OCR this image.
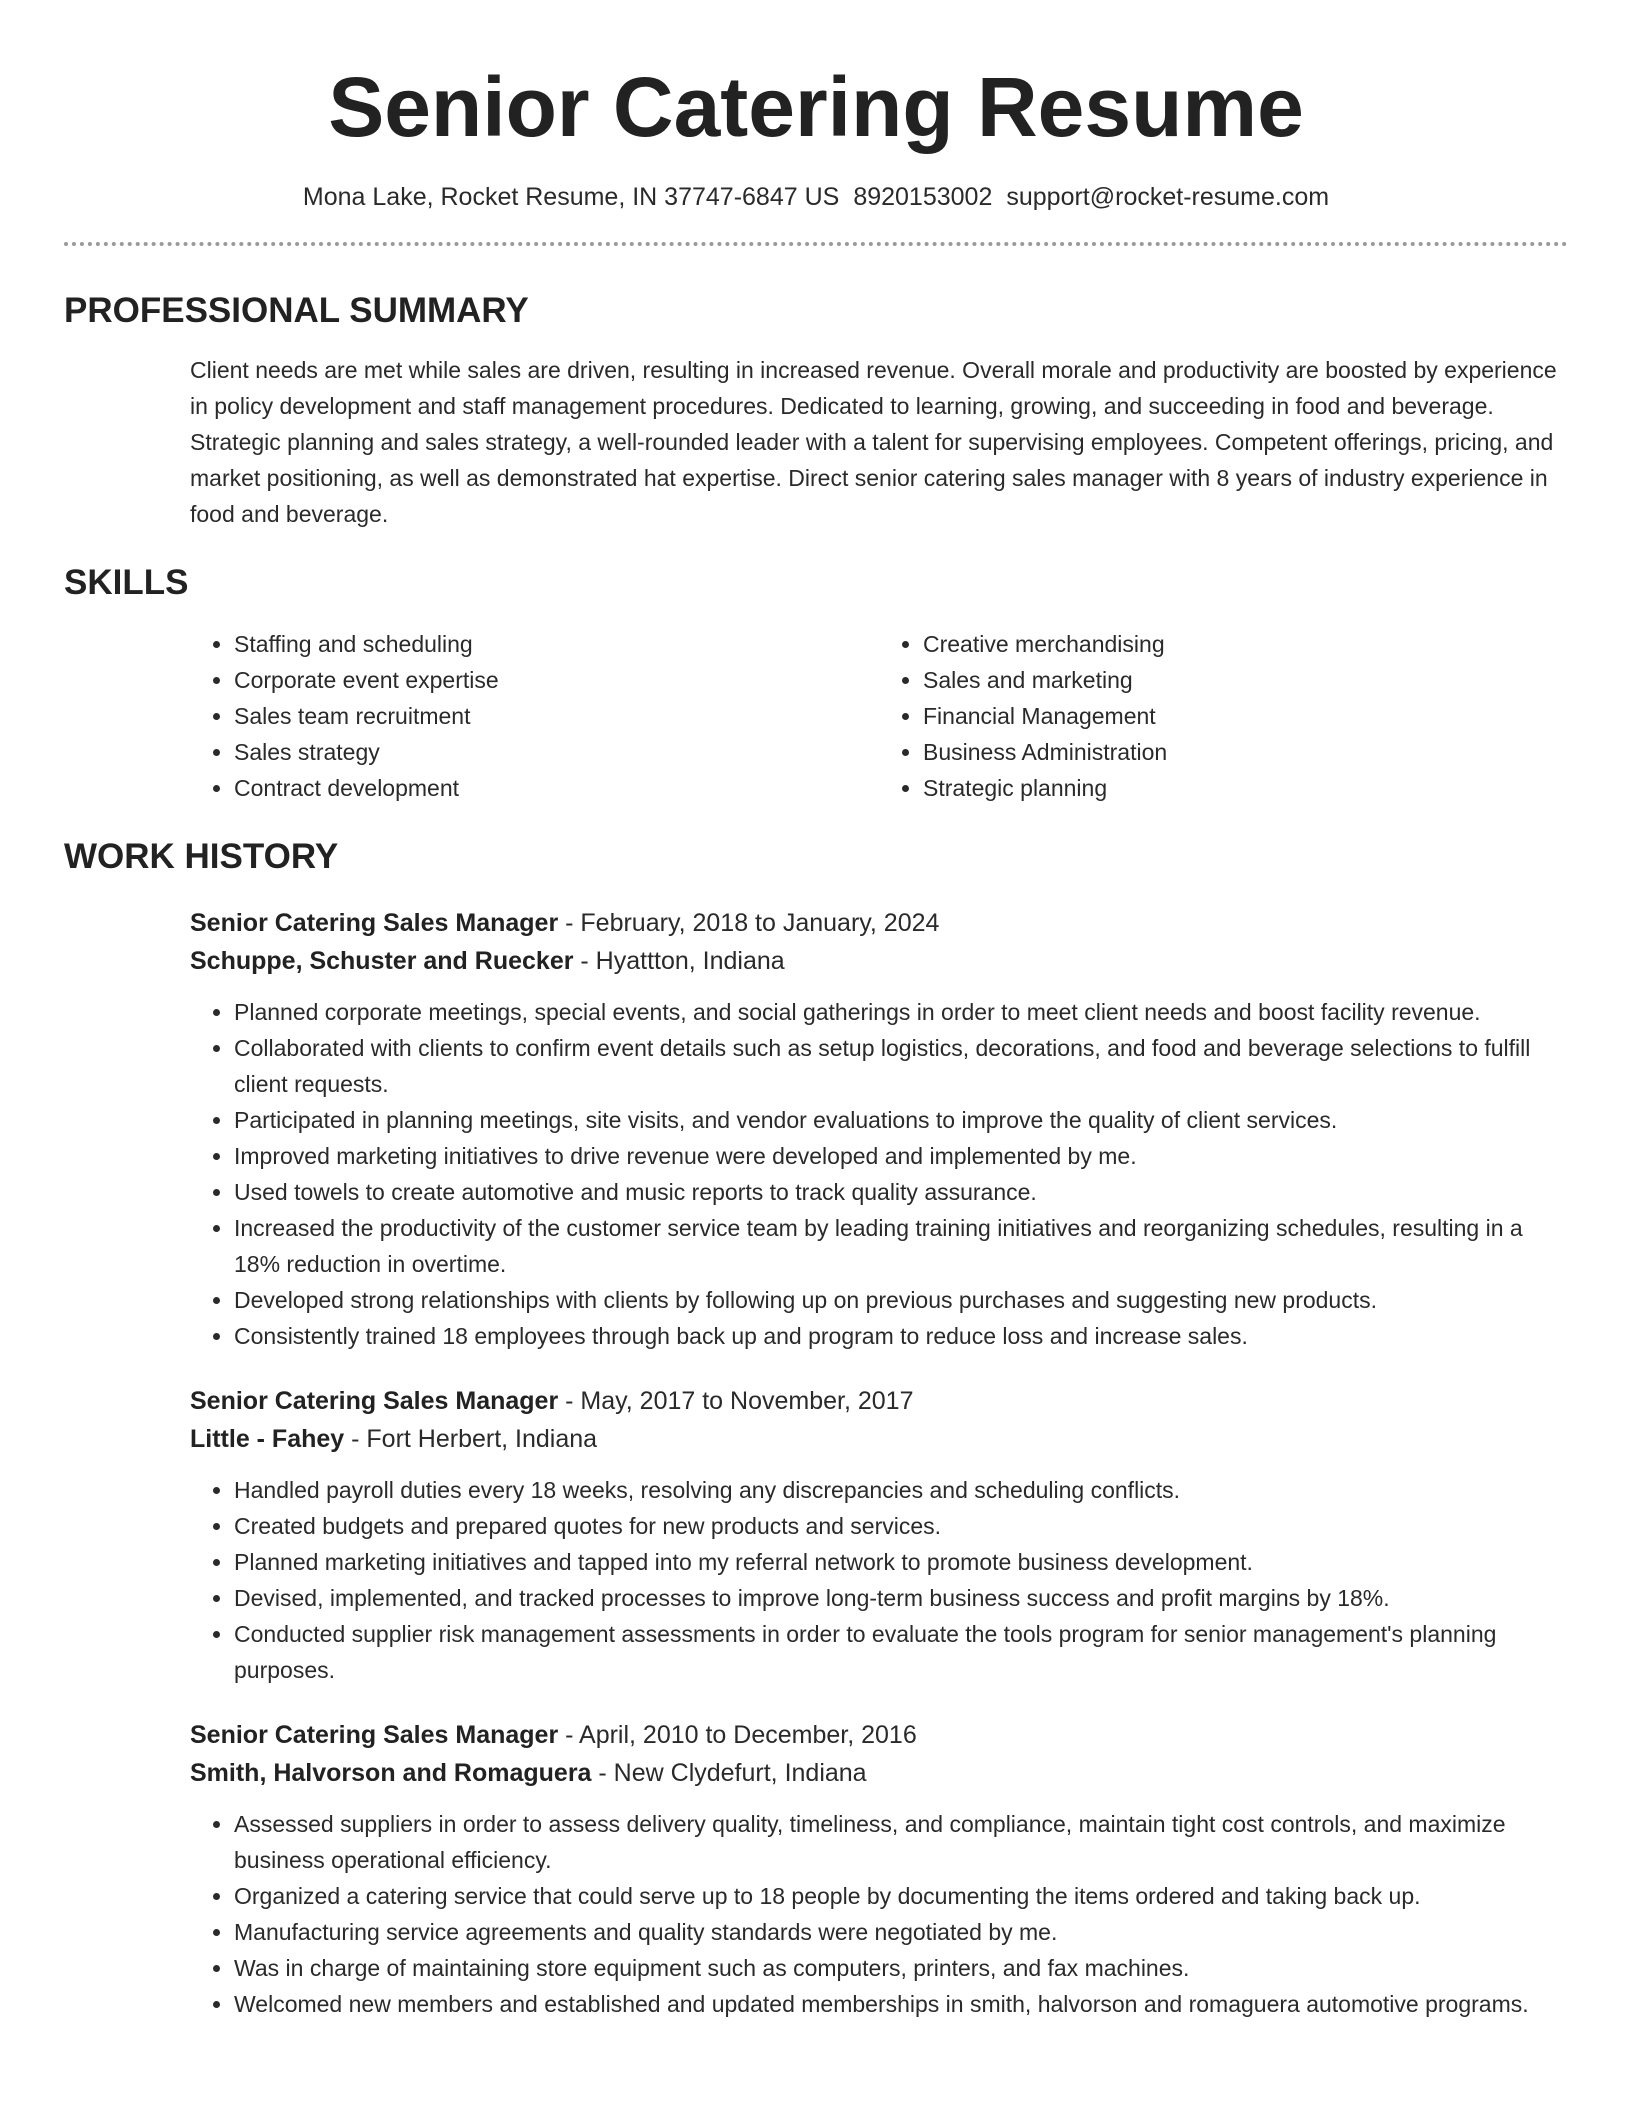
Senior Catering Resume
Mona Lake, Rocket Resume, IN 37747-6847 US 8920153002 support@rocket-resume.com
PROFESSIONAL SUMMARY

Client needs are met while sales are driven, resulting in increased revenue. Overall morale and productivity are boosted by experience in policy development and staff management procedures. Dedicated to learning, growing, and succeeding in food and beverage. Strategic planning and sales strategy, a well-rounded leader with a talent for supervising employees. Competent offerings, pricing, and market positioning, as well as demonstrated hat expertise. Direct senior catering sales manager with 8 years of industry experience in food and beverage.

SKILLS
• Staffing and scheduling
• Corporate event expertise
• Sales team recruitment
• Sales strategy
• Contract development
• Creative merchandising
• Sales and marketing
• Financial Management
• Business Administration
• Strategic planning
WORK HISTORY
Senior Catering Sales Manager - February, 2018 to January, 2024
Schuppe, Schuster and Ruecker - Hyattton, Indiana
• Planned corporate meetings, special events, and social gatherings in order to meet client needs and boost facility revenue.
• Collaborated with clients to confirm event details such as setup logistics, decorations, and food and beverage selections to fulfill client requests.
• Participated in planning meetings, site visits, and vendor evaluations to improve the quality of client services.
• Improved marketing initiatives to drive revenue were developed and implemented by me.
• Used towels to create automotive and music reports to track quality assurance.
• Increased the productivity of the customer service team by leading training initiatives and reorganizing schedules, resulting in a 18% reduction in overtime.
• Developed strong relationships with clients by following up on previous purchases and suggesting new products.
• Consistently trained 18 employees through back up and program to reduce loss and increase sales.
Senior Catering Sales Manager - May, 2017 to November, 2017
Little - Fahey - Fort Herbert, Indiana
• Handled payroll duties every 18 weeks, resolving any discrepancies and scheduling conflicts.
• Created budgets and prepared quotes for new products and services.
• Planned marketing initiatives and tapped into my referral network to promote business development.
• Devised, implemented, and tracked processes to improve long-term business success and profit margins by 18%.
• Conducted supplier risk management assessments in order to evaluate the tools program for senior management's planning purposes.
Senior Catering Sales Manager - April, 2010 to December, 2016
Smith, Halvorson and Romaguera - New Clydefurt, Indiana
• Assessed suppliers in order to assess delivery quality, timeliness, and compliance, maintain tight cost controls, and maximize business operational efficiency.
• Organized a catering service that could serve up to 18 people by documenting the items ordered and taking back up.
• Manufacturing service agreements and quality standards were negotiated by me.
• Was in charge of maintaining store equipment such as computers, printers, and fax machines.
• Welcomed new members and established and updated memberships in smith, halvorson and romaguera automotive programs.
